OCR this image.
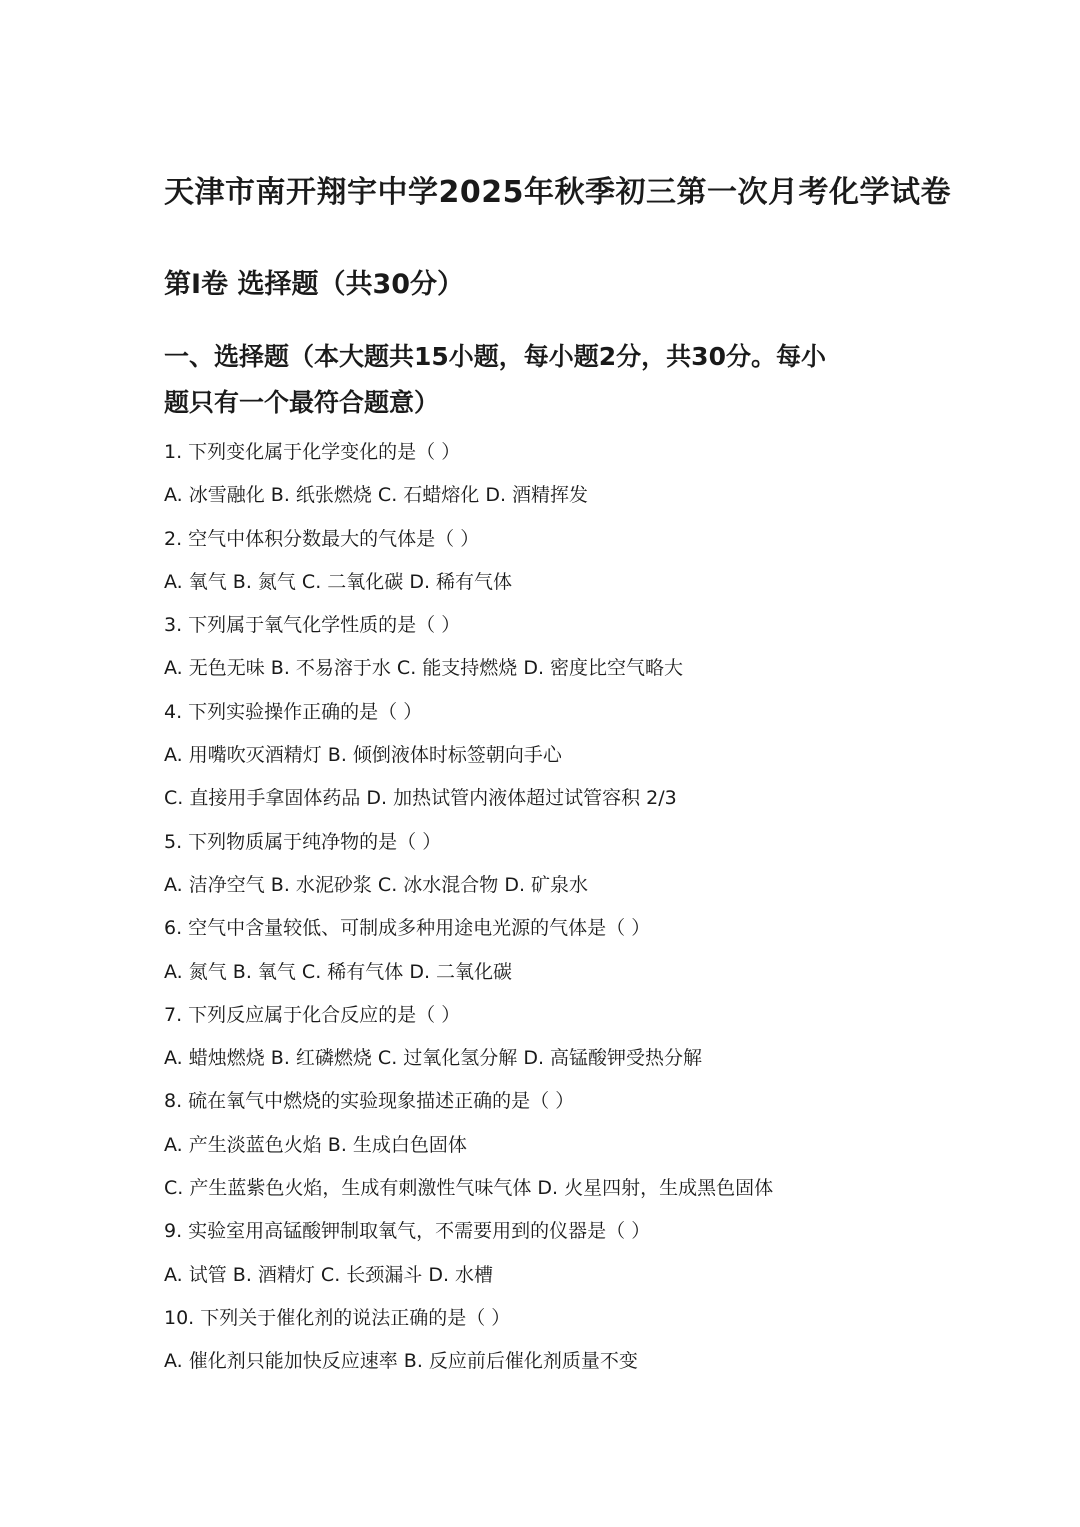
天津市南开翔宇中学2025年秋季初三第一次月考化学试卷
第Ⅰ卷 选择题（共30分）
一、选择题（本大题共15小题，每小题2分，共30分。每小
题只有一个最符合题意）
1. 下列变化属于化学变化的是（ ）
A. 冰雪融化 B. 纸张燃烧 C. 石蜡熔化 D. 酒精挥发
2. 空气中体积分数最大的气体是（ ）
A. 氧气 B. 氮气 C. 二氧化碳 D. 稀有气体
3. 下列属于氧气化学性质的是（ ）
A. 无色无味 B. 不易溶于水 C. 能支持燃烧 D. 密度比空气略大
4. 下列实验操作正确的是（ ）
A. 用嘴吹灭酒精灯 B. 倾倒液体时标签朝向手心
C. 直接用手拿固体药品 D. 加热试管内液体超过试管容积 2/3
5. 下列物质属于纯净物的是（ ）
A. 洁净空气 B. 水泥砂浆 C. 冰水混合物 D. 矿泉水
6. 空气中含量较低、可制成多种用途电光源的气体是（ ）
A. 氮气 B. 氧气 C. 稀有气体 D. 二氧化碳
7. 下列反应属于化合反应的是（ ）
A. 蜡烛燃烧 B. 红磷燃烧 C. 过氧化氢分解 D. 高锰酸钾受热分解
8. 硫在氧气中燃烧的实验现象描述正确的是（ ）
A. 产生淡蓝色火焰 B. 生成白色固体
C. 产生蓝紫色火焰，生成有刺激性气味气体 D. 火星四射，生成黑色固体
9. 实验室用高锰酸钾制取氧气，不需要用到的仪器是（ ）
A. 试管 B. 酒精灯 C. 长颈漏斗 D. 水槽
10. 下列关于催化剂的说法正确的是（ ）
A. 催化剂只能加快反应速率 B. 反应前后催化剂质量不变
